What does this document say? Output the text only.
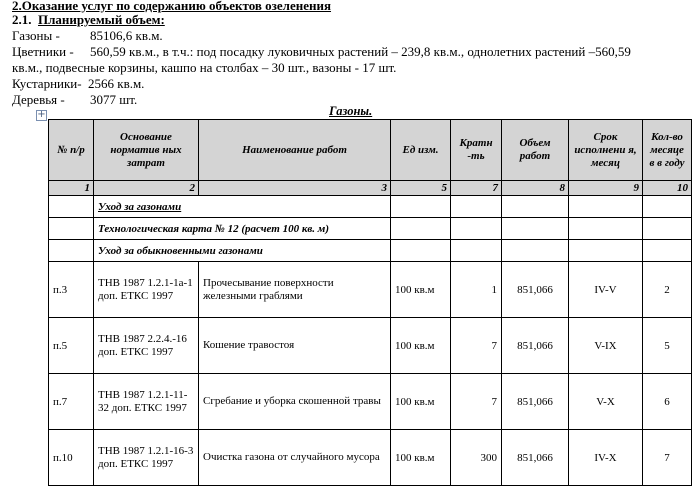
2.Оказание услуг по содержанию объектов озеленения
2.1. Планируемый объем:
Газоны - 85106,6 кв.м.
Цветники - 560,59 кв.м., в т.ч.: под посадку луковичных растений – 239,8 кв.м., однолетних растений –560,59
кв.м., подвесные корзины, кашпо на столбах – 30 шт., вазоны - 17 шт.
Кустарники- 2566 кв.м.
Деревья - 3077 шт.
Газоны.
+
№ п/р	Основание норматив ных затрат	Наименование работ	Ед изм.	Кратн -ть	Объем работ	Срок исполнени я, месяц	Кол-во месяце в в году
1	2	3	5	7	8	9	10
	Уход за газонами						
	Технологическая карта № 12 (расчет 100 кв. м)						
	Уход за обыкновенными газонами						
п.3	ТНВ 1987 1.2.1-1а-1 доп. ЕТКС 1997	Прочесывание поверхности железными граблями	100 кв.м	1	851,066	IV-V	2
п.5	ТНВ 1987 2.2.4.-16 доп. ЕТКС 1997	Кошение травостоя	100 кв.м	7	851,066	V-IX	5
п.7	ТНВ 1987 1.2.1-11-32 доп. ЕТКС 1997	Сгребание и уборка скошенной травы	100 кв.м	7	851,066	V-X	6
п.10	ТНВ 1987 1.2.1-16-3 доп. ЕТКС 1997	Очистка газона от случайного мусора	100 кв.м	300	851,066	IV-X	7
